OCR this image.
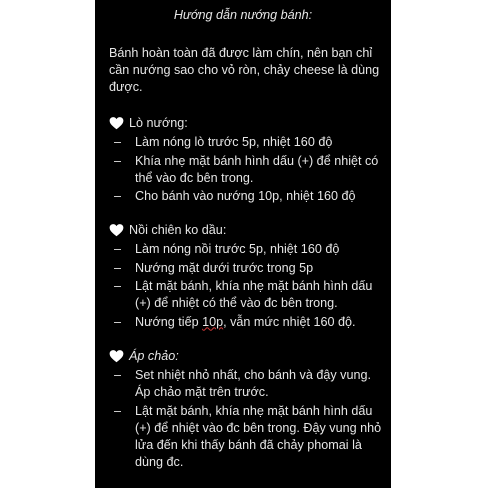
Hướng dẫn nướng bánh:
Bánh hoàn toàn đã được làm chín, nên bạn chỉ cần nướng sao cho vỏ ròn, chảy cheese là dùng được.
Lò nướng:
– Làm nóng lò trước 5p, nhiệt 160 độ
– Khía nhẹ mặt bánh hình dấu (+) để nhiệt có thể vào đc bên trong.
– Cho bánh vào nướng 10p, nhiệt 160 độ
Nồi chiên ko dầu:
– Làm nóng nồi trước 5p, nhiệt 160 độ
– Nướng mặt dưới trước trong 5p
– Lật mặt bánh, khía nhẹ mặt bánh hình dấu (+) để nhiệt có thể vào đc bên trong.
– Nướng tiếp 10p, vẫn mức nhiệt 160 độ.
Áp chảo:
– Set nhiệt nhỏ nhất, cho bánh và đậy vung. Áp chảo mặt trên trước.
– Lật mặt bánh, khía nhẹ mặt bánh hình dấu (+) để nhiệt vào đc bên trong. Đậy vung nhỏ lửa đến khi thấy bánh đã chảy phomai là dùng đc.
